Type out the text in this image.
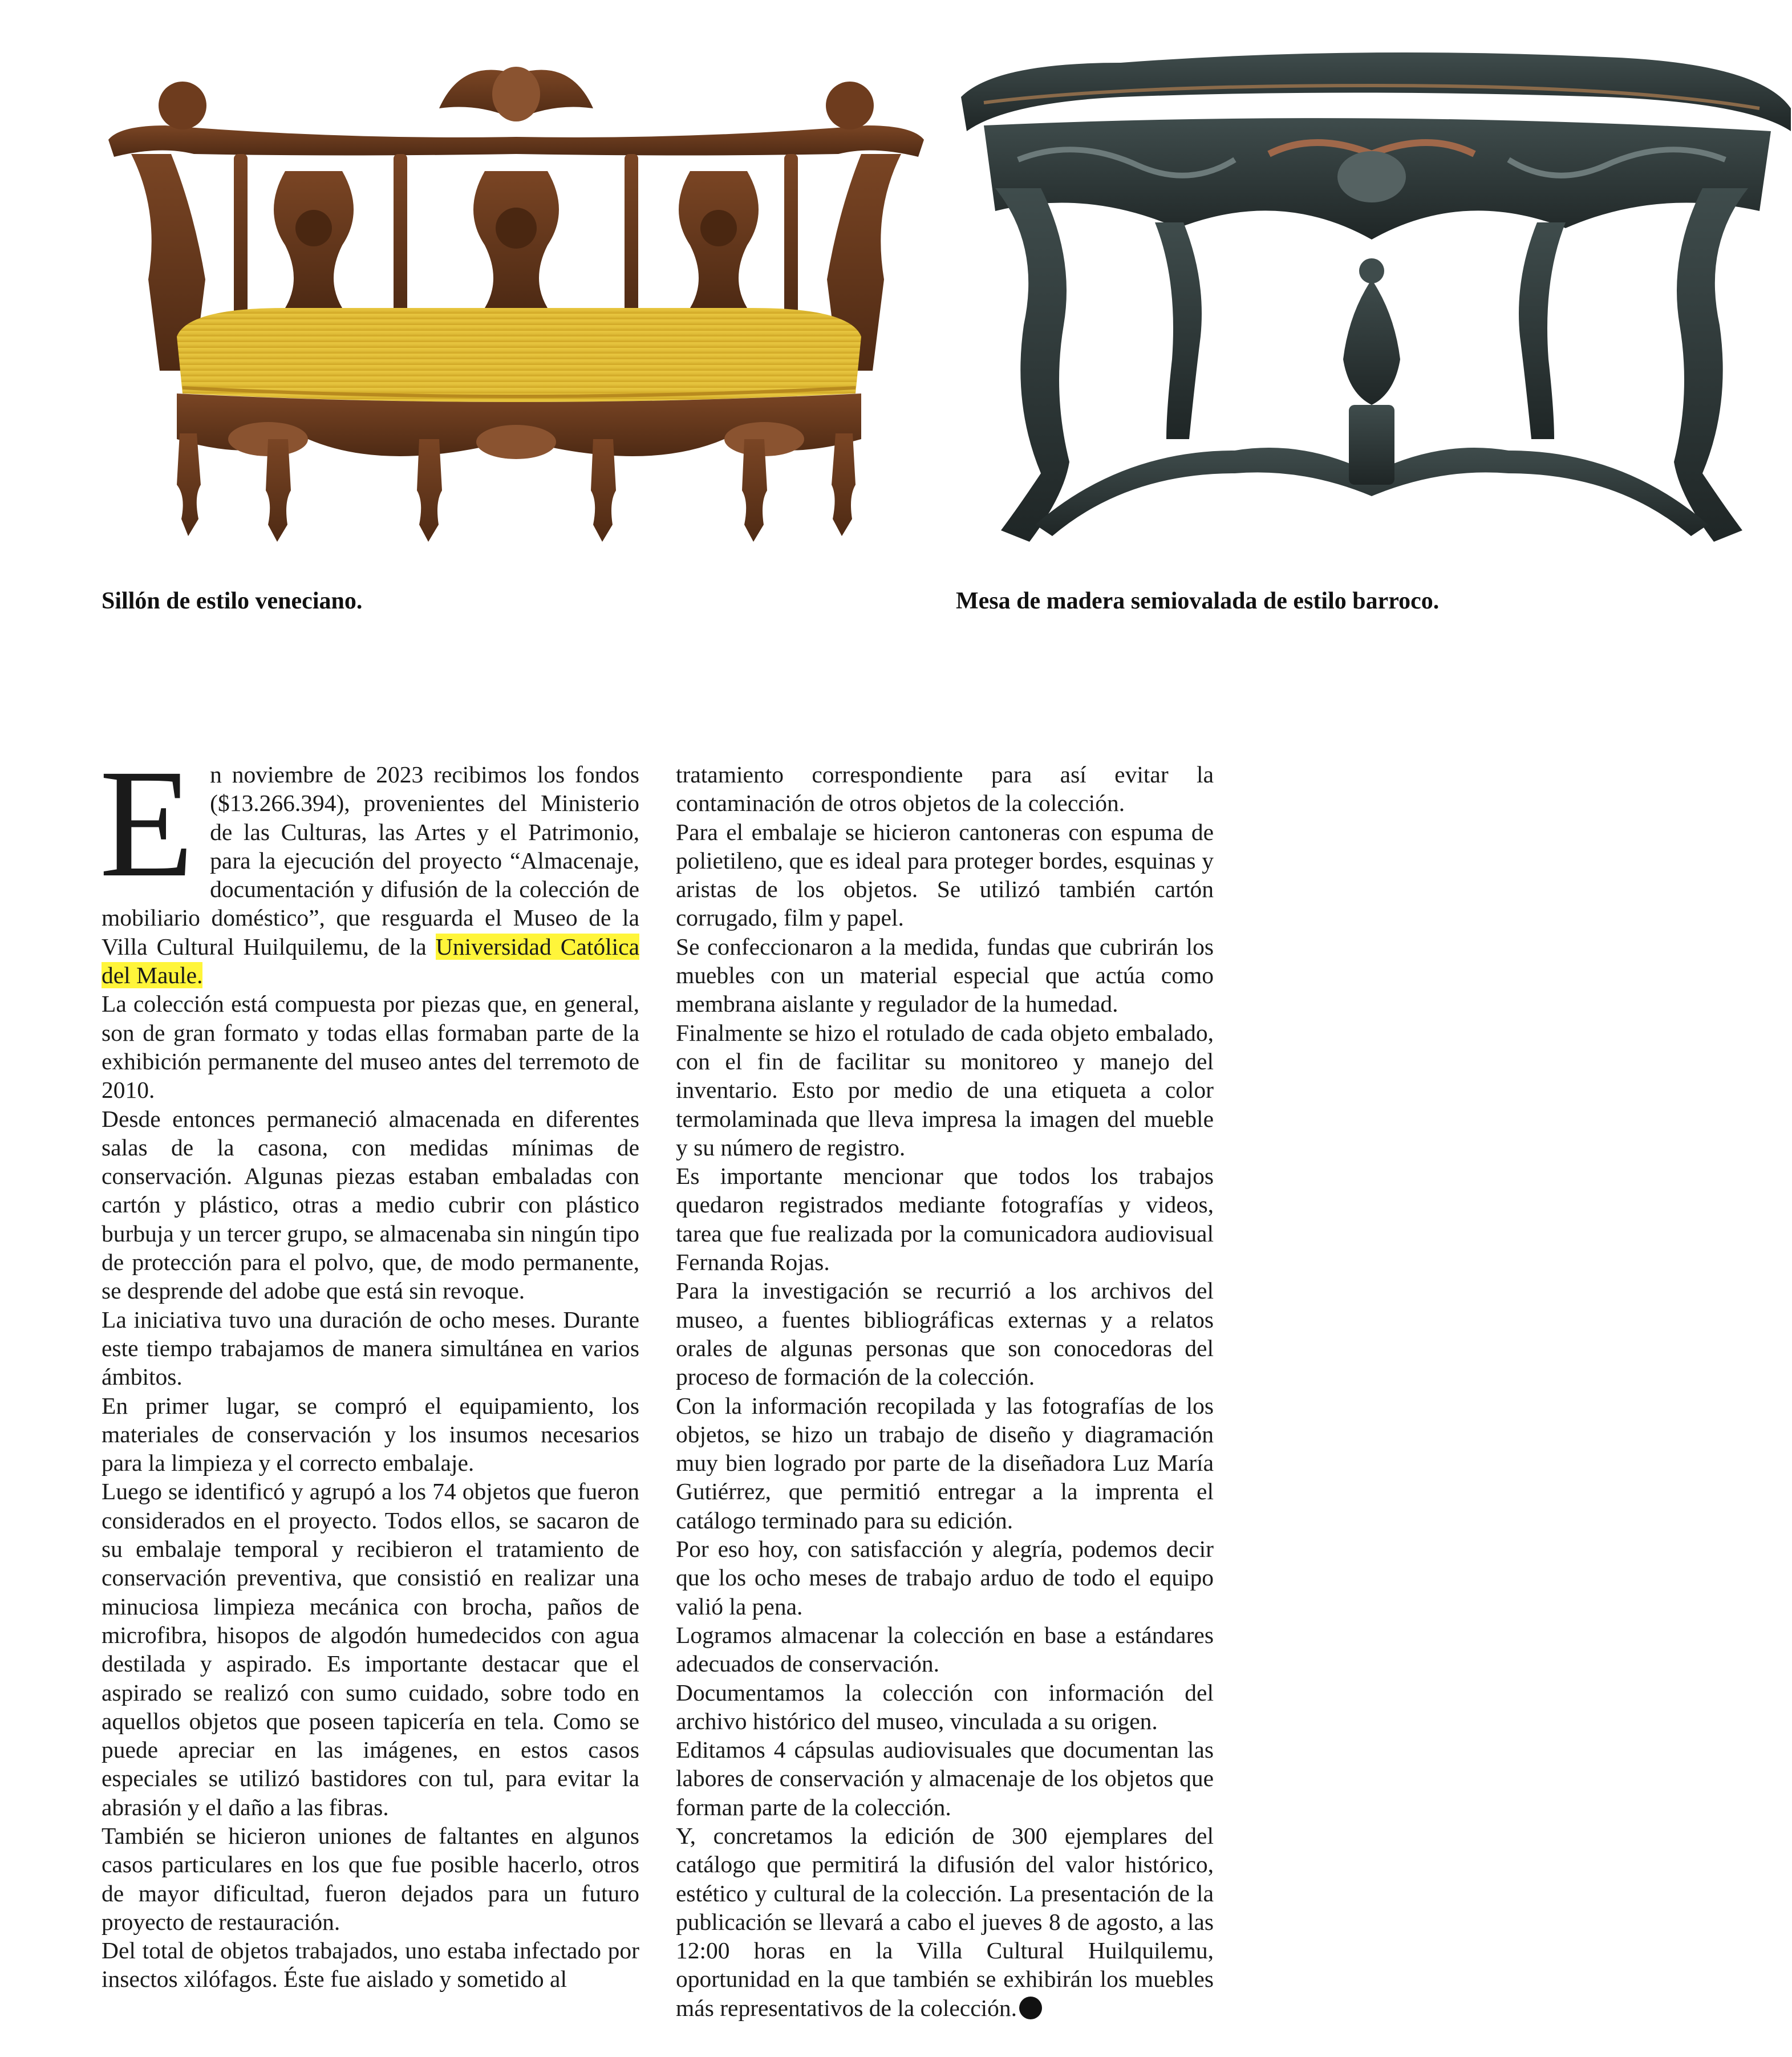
Sillón de estilo veneciano.	Mesa de madera semiovalada de estilo barroco.

En noviembre de 2023 recibimos los fondos ($13.266.394), provenientes del Ministerio de las Culturas, las Artes y el Patrimonio, para la ejecución del proyecto “Almacenaje, documentación y difusión de la colección de mobiliario doméstico”, que resguarda el Museo de la Villa Cultural Huilquilemu, de la Universidad Católica del Maule.

La colección está compuesta por piezas que, en general, son de gran formato y todas ellas formaban parte de la exhibición permanente del museo antes del terremoto de 2010.

Desde entonces permaneció almacenada en diferentes salas de la casona, con medidas mínimas de conservación. Algunas piezas estaban embaladas con cartón y plástico, otras a medio cubrir con plástico burbuja y un tercer grupo, se almacenaba sin ningún tipo de protección para el polvo, que, de modo permanente, se desprende del adobe que está sin revoque.

La iniciativa tuvo una duración de ocho meses. Durante este tiempo trabajamos de manera simultánea en varios ámbitos.

En primer lugar, se compró el equipamiento, los materiales de conservación y los insumos necesarios para la limpieza y el correcto embalaje.

Luego se identificó y agrupó a los 74 objetos que fueron considerados en el proyecto. Todos ellos, se sacaron de su embalaje temporal y recibieron el tratamiento de conservación preventiva, que consistió en realizar una minuciosa limpieza mecánica con brocha, paños de microfibra, hisopos de algodón humedecidos con agua destilada y aspirado. Es importante destacar que el aspirado se realizó con sumo cuidado, sobre todo en aquellos objetos que poseen tapicería en tela. Como se puede apreciar en las imágenes, en estos casos especiales se utilizó bastidores con tul, para evitar la abrasión y el daño a las fibras.

También se hicieron uniones de faltantes en algunos casos particulares en los que fue posible hacerlo, otros de mayor dificultad, fueron dejados para un futuro proyecto de restauración.

Del total de objetos trabajados, uno estaba infectado por insectos xilófagos. Éste fue aislado y sometido al

tratamiento correspondiente para así evitar la contaminación de otros objetos de la colección.

Para el embalaje se hicieron cantoneras con espuma de polietileno, que es ideal para proteger bordes, esquinas y aristas de los objetos. Se utilizó también cartón corrugado, film y papel.

Se confeccionaron a la medida, fundas que cubrirán los muebles con un material especial que actúa como membrana aislante y regulador de la humedad.

Finalmente se hizo el rotulado de cada objeto embalado, con el fin de facilitar su monitoreo y manejo del inventario. Esto por medio de una etiqueta a color termolaminada que lleva impresa la imagen del mueble y su número de registro.

Es importante mencionar que todos los trabajos quedaron registrados mediante fotografías y videos, tarea que fue realizada por la comunicadora audiovisual Fernanda Rojas.

Para la investigación se recurrió a los archivos del museo, a fuentes bibliográficas externas y a relatos orales de algunas personas que son conocedoras del proceso de formación de la colección.

Con la información recopilada y las fotografías de los objetos, se hizo un trabajo de diseño y diagramación muy bien logrado por parte de la diseñadora Luz María Gutiérrez, que permitió entregar a la imprenta el catálogo terminado para su edición.

Por eso hoy, con satisfacción y alegría, podemos decir que los ocho meses de trabajo arduo de todo el equipo valió la pena.

Logramos almacenar la colección en base a estándares adecuados de conservación.

Documentamos la colección con información del archivo histórico del museo, vinculada a su origen.

Editamos 4 cápsulas audiovisuales que documentan las labores de conservación y almacenaje de los objetos que forman parte de la colección.

Y, concretamos la edición de 300 ejemplares del catálogo que permitirá la difusión del valor histórico, estético y cultural de la colección. La presentación de la publicación se llevará a cabo el jueves 8 de agosto, a las 12:00 horas en la Villa Cultural Huilquilemu, oportunidad en la que también se exhibirán los muebles más representativos de la colección.
